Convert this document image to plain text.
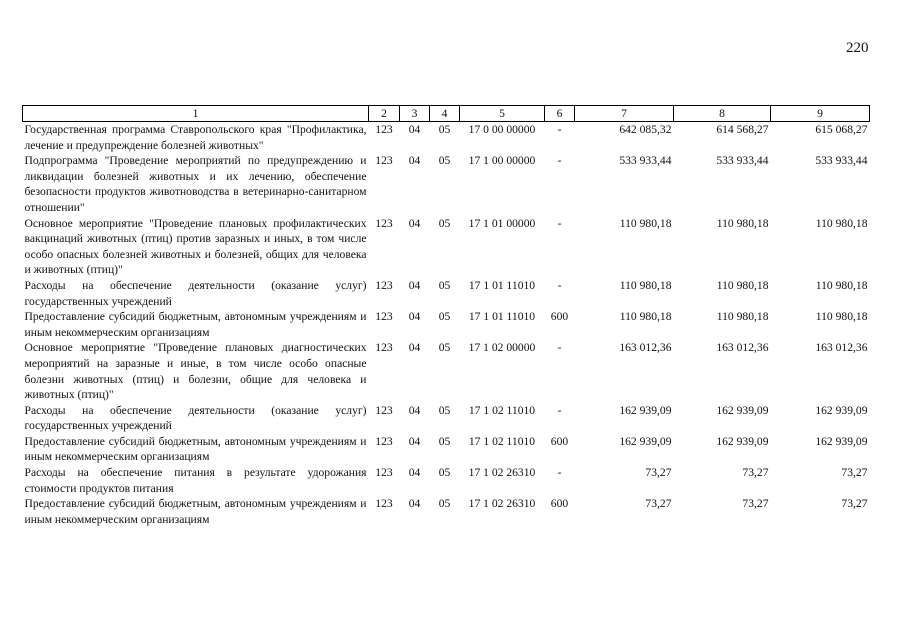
220
1	2	3	4	5	6	7	8	9
Государственная программа Ставропольского края "Профилактика, лечение и предупреждение болезней животных"	123	04	05	17 0 00 00000	-	642 085,32	614 568,27	615 068,27
Подпрограмма "Проведение мероприятий по предупреждению и ликвидации болезней животных и их лечению, обеспечение безопасности продуктов животноводства в ветеринарно-санитарном отношении"	123	04	05	17 1 00 00000	-	533 933,44	533 933,44	533 933,44
Основное мероприятие "Проведение плановых профилактических вакцинаций животных (птиц) против заразных и иных, в том числе особо опасных болезней животных и болезней, общих для человека и животных (птиц)"	123	04	05	17 1 01 00000	-	110 980,18	110 980,18	110 980,18
Расходы на обеспечение деятельности (оказание услуг) государственных учреждений	123	04	05	17 1 01 11010	-	110 980,18	110 980,18	110 980,18
Предоставление субсидий бюджетным, автономным учреждениям и иным некоммерческим организациям	123	04	05	17 1 01 11010	600	110 980,18	110 980,18	110 980,18
Основное мероприятие "Проведение плановых диагностических мероприятий на заразные и иные, в том числе особо опасные болезни животных (птиц) и болезни, общие для человека и животных (птиц)"	123	04	05	17 1 02 00000	-	163 012,36	163 012,36	163 012,36
Расходы на обеспечение деятельности (оказание услуг) государственных учреждений	123	04	05	17 1 02 11010	-	162 939,09	162 939,09	162 939,09
Предоставление субсидий бюджетным, автономным учреждениям и иным некоммерческим организациям	123	04	05	17 1 02 11010	600	162 939,09	162 939,09	162 939,09
Расходы на обеспечение питания в результате удорожания стоимости продуктов питания	123	04	05	17 1 02 26310	-	73,27	73,27	73,27
Предоставление субсидий бюджетным, автономным учреждениям и иным некоммерческим организациям	123	04	05	17 1 02 26310	600	73,27	73,27	73,27
